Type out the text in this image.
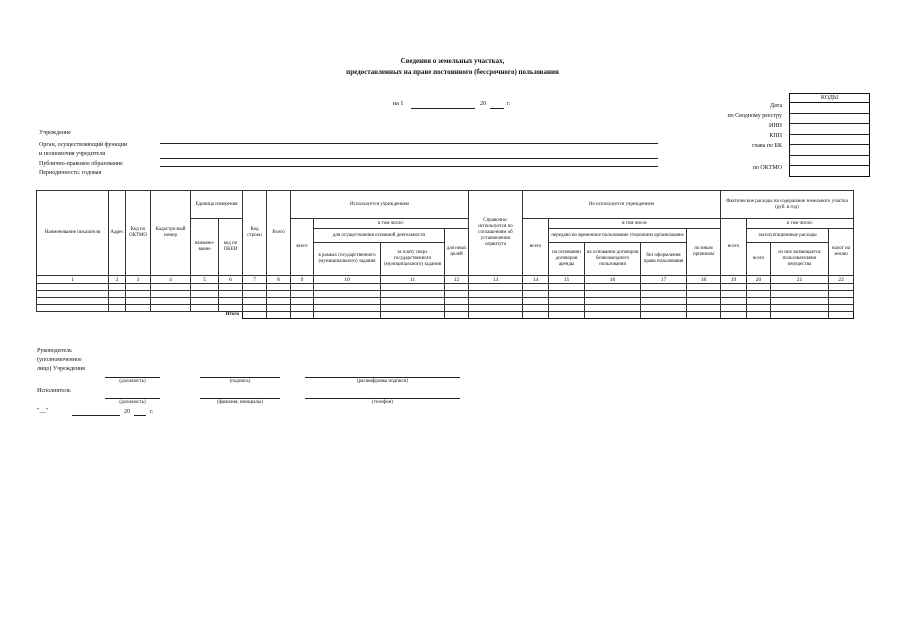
Сведения о земельных участках,
предоставленных на праве постоянного (бессрочного) пользования
на 1	20	г.
Учреждение
Орган, осуществляющий функции
и полномочия учредителя
Публично-правовое образование
Периодичность: годовая
КОДЫ

Дата
по Сводному реестру
ИНН
КПП
глава по БК
по ОКТМО
Наименование показателя	Адрес	Код по ОКТМО	Кадастро-вый номер	Единица измерения		Код строки	Всего	Используется учреждением				Справочно: используется по соглашениям об установлении сервитута	Не используется учреждением					Фактические расходы на содержание земельного участка (руб. в год)			
				наимено-вание	код по ОКЕИ			всего	в том числе:				всего	в том числе				всего	в том числе:		
									для осуществления основной деятельности		для иных целей			передано во временное пользование сторонним организациям			по иным причинам		эксплуатационные расходы		налог на землю
									в рамках государственного (муниципального) задания	за плату сверх государственного (муниципального) задания				на основании договоров аренды	на основании договоров безвозмездного пользования	без оформления права пользования			всего	из них возмещается пользователями имущества	
1	2	3	4	5	6	7	8	9	10	11	12	13	14	15	16	17	18	19	20	21	22

Итого																					
Руководитель
(уполномоченное
лицо) Учреждения
(должность)	(подпись)	(расшифровка подписи)
Исполнитель
(должность)	(фамилия, инициалы)	(телефон)
"__"	20	г.
